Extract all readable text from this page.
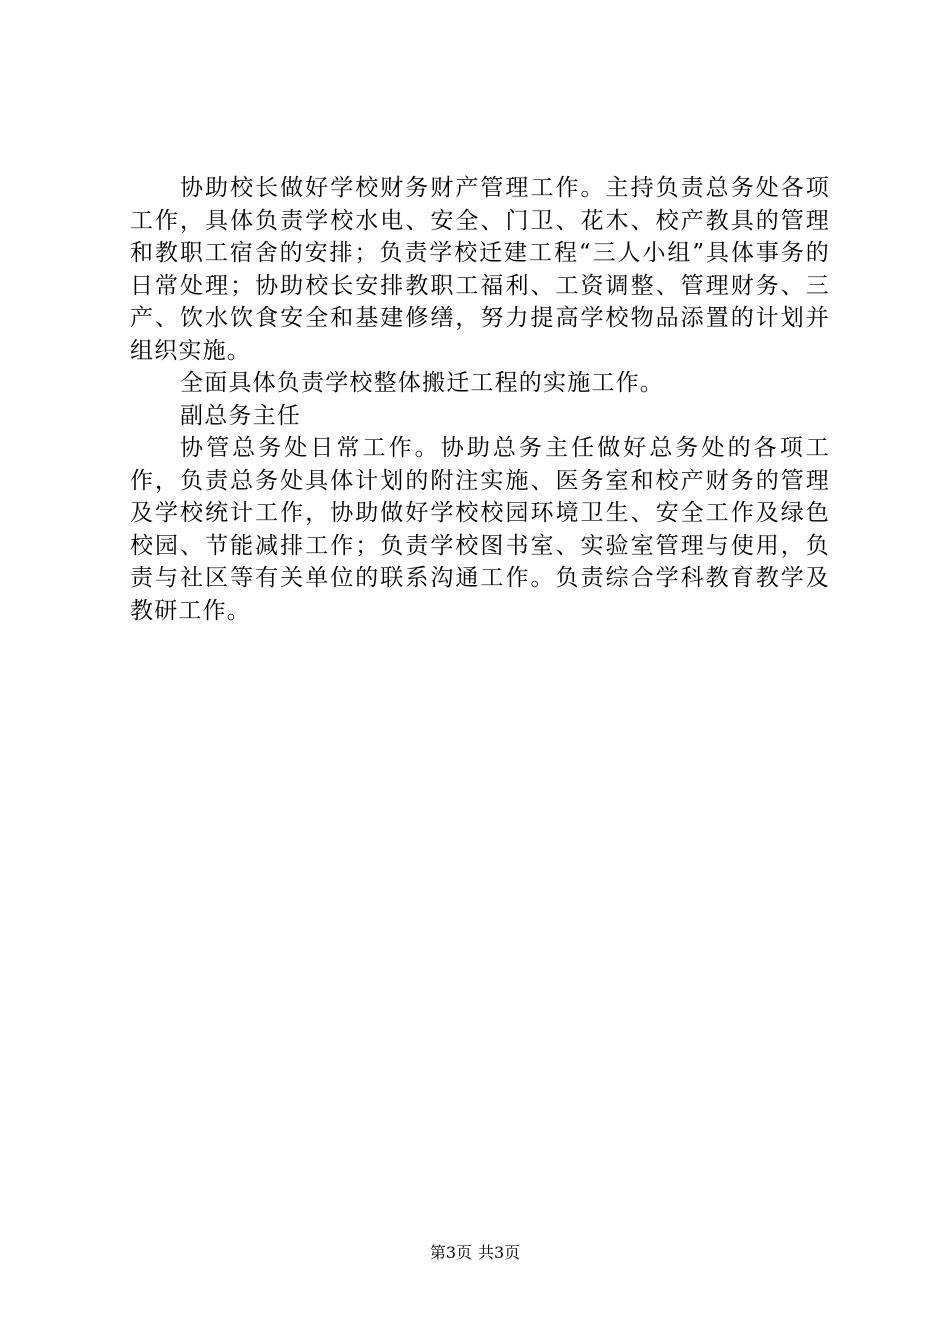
协助校长做好学校财务财产管理工作。主持负责总务处各项工作，具体负责学校水电、安全、门卫、花木、校产教具的管理和教职工宿舍的安排；负责学校迁建工程“三人小组”具体事务的日常处理；协助校长安排教职工福利、工资调整、管理财务、三产、饮水饮食安全和基建修缮，努力提高学校物品添置的计划并组织实施。

全面具体负责学校整体搬迁工程的实施工作。

副总务主任

协管总务处日常工作。协助总务主任做好总务处的各项工作，负责总务处具体计划的附注实施、医务室和校产财务的管理及学校统计工作，协助做好学校校园环境卫生、安全工作及绿色校园、节能减排工作；负责学校图书室、实验室管理与使用，负责与社区等有关单位的联系沟通工作。负责综合学科教育教学及教研工作。

第3页 共3页
